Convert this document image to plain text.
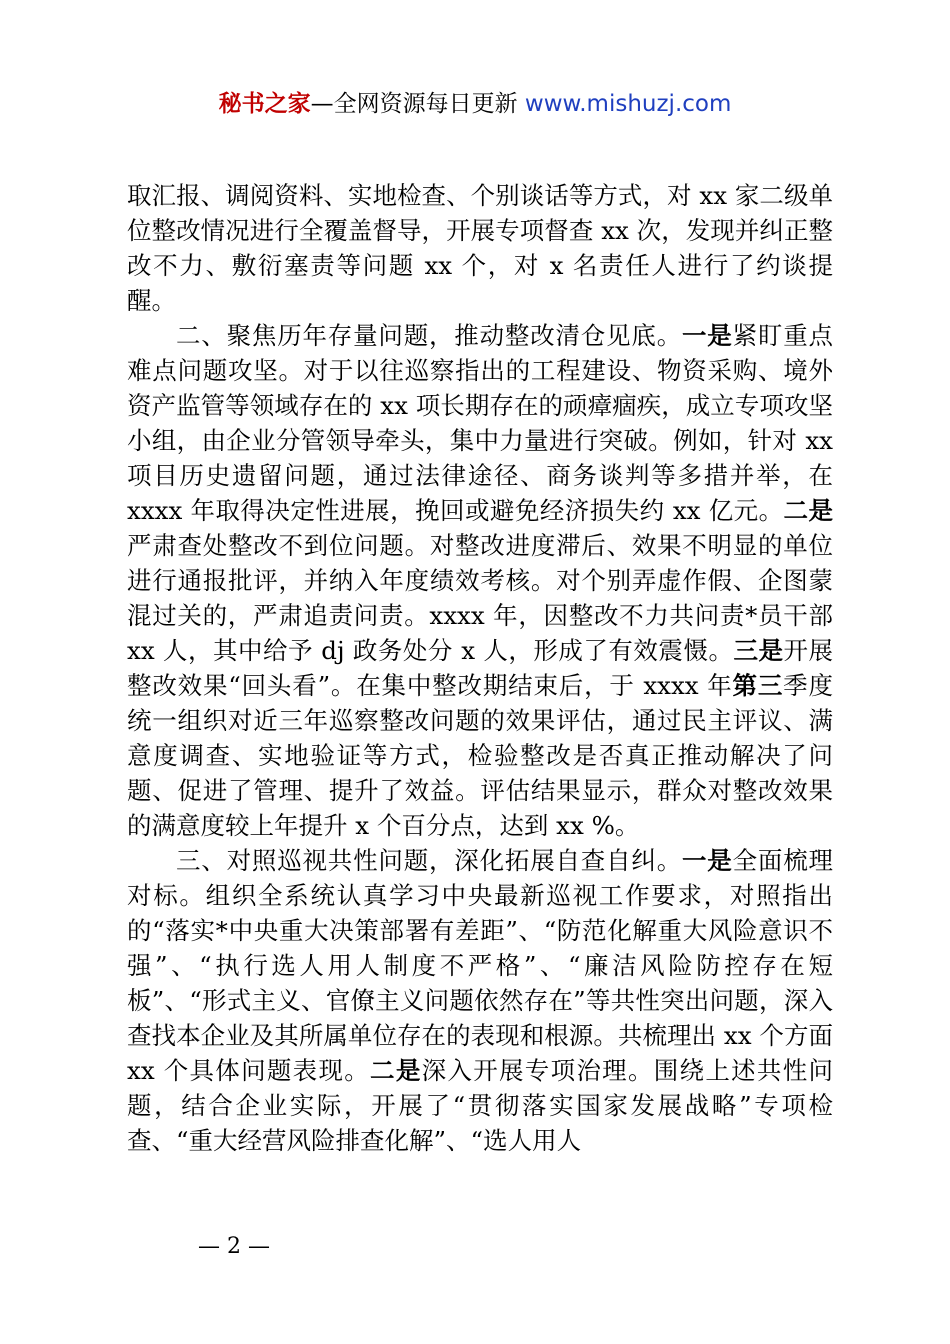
秘书之家—全网资源每日更新 www.mishuzj.com

取汇报、调阅资料、实地检查、个别谈话等方式，对 xx 家二级单位整改情况进行全覆盖督导，开展专项督查 xx 次，发现并纠正整改不力、敷衍塞责等问题 xx 个，对 x 名责任人进行了约谈提醒。

二、聚焦历年存量问题，推动整改清仓见底。一是紧盯重点难点问题攻坚。对于以往巡察指出的工程建设、物资采购、境外资产监管等领域存在的 xx 项长期存在的顽瘴痼疾，成立专项攻坚小组，由企业分管领导牵头，集中力量进行突破。例如，针对 xx 项目历史遗留问题，通过法律途径、商务谈判等多措并举，在 xxxx 年取得决定性进展，挽回或避免经济损失约 xx 亿元。二是严肃查处整改不到位问题。对整改进度滞后、效果不明显的单位进行通报批评，并纳入年度绩效考核。对个别弄虚作假、企图蒙混过关的，严肃追责问责。xxxx 年，因整改不力共问责*员干部 xx 人，其中给予 dj 政务处分 x 人，形成了有效震慑。三是开展整改效果“回头看”。在集中整改期结束后，于 xxxx 年第三季度统一组织对近三年巡察整改问题的效果评估，通过民主评议、满意度调查、实地验证等方式，检验整改是否真正推动解决了问题、促进了管理、提升了效益。评估结果显示，群众对整改效果的满意度较上年提升 x 个百分点，达到 xx %。

三、对照巡视共性问题，深化拓展自查自纠。一是全面梳理对标。组织全系统认真学习中央最新巡视工作要求，对照指出的“落实*中央重大决策部署有差距”、“防范化解重大风险意识不强”、“执行选人用人制度不严格”、“廉洁风险防控存在短板”、“形式主义、官僚主义问题依然存在”等共性突出问题，深入查找本企业及其所属单位存在的表现和根源。共梳理出 xx 个方面 xx 个具体问题表现。二是深入开展专项治理。围绕上述共性问题，结合企业实际，开展了“贯彻落实国家发展战略”专项检查、“重大经营风险排查化解”、“选人用人

— 2 —
